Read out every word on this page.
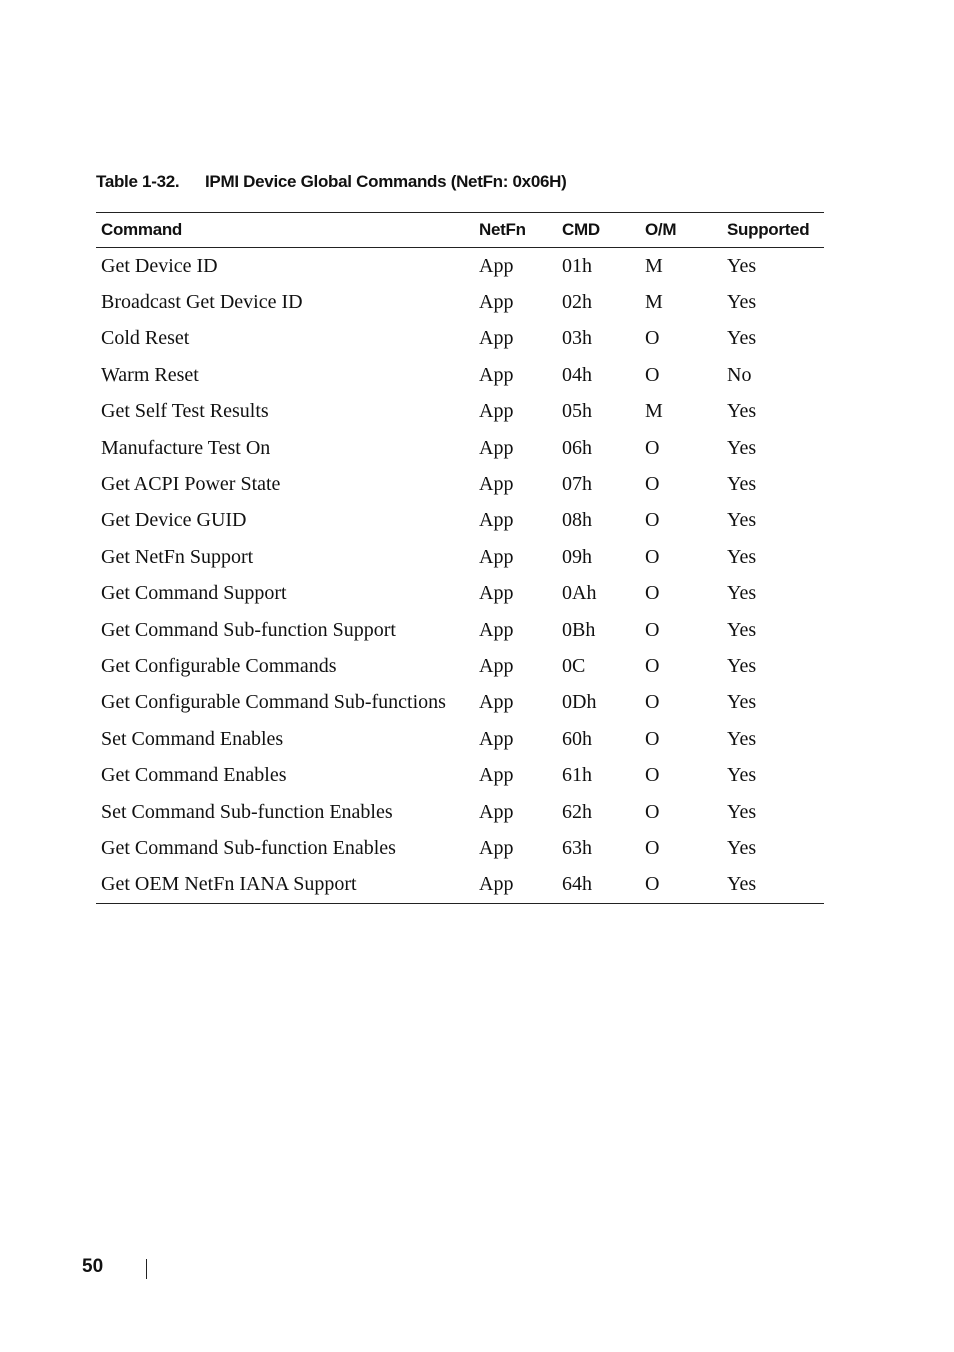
Table 1-32. IPMI Device Global Commands (NetFn: 0x06H)
Command	NetFn	CMD	O/M	Supported
Get Device ID	App	01h	M	Yes
Broadcast Get Device ID	App	02h	M	Yes
Cold Reset	App	03h	O	Yes
Warm Reset	App	04h	O	No
Get Self Test Results	App	05h	M	Yes
Manufacture Test On	App	06h	O	Yes
Get ACPI Power State	App	07h	O	Yes
Get Device GUID	App	08h	O	Yes
Get NetFn Support	App	09h	O	Yes
Get Command Support	App	0Ah	O	Yes
Get Command Sub-function Support	App	0Bh	O	Yes
Get Configurable Commands	App	0C	O	Yes
Get Configurable Command Sub-functions	App	0Dh	O	Yes
Set Command Enables	App	60h	O	Yes
Get Command Enables	App	61h	O	Yes
Set Command Sub-function Enables	App	62h	O	Yes
Get Command Sub-function Enables	App	63h	O	Yes
Get OEM NetFn IANA Support	App	64h	O	Yes
50
